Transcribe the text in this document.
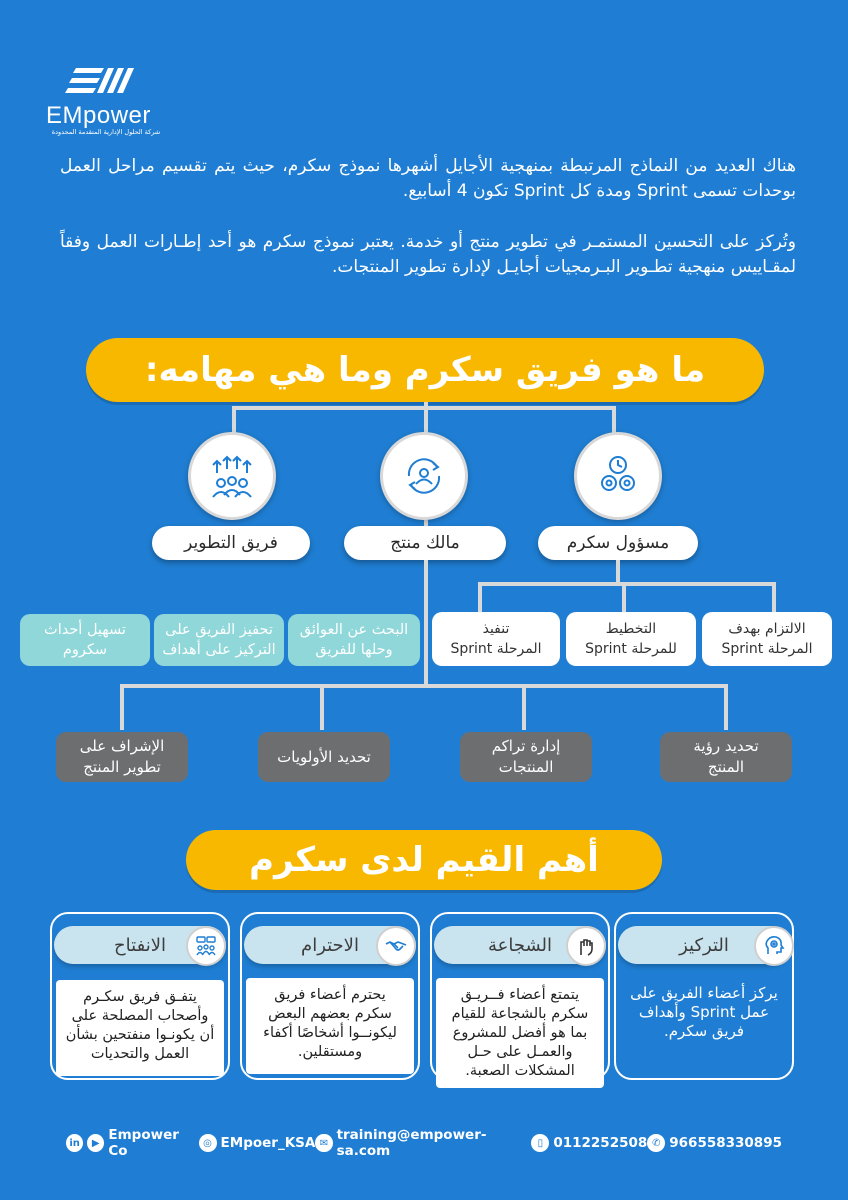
EMpower
شركة الحلول الإدارية المتقدمة المحدودة

هناك العديد من النماذج المرتبطة بمنهجية الأجايل أشهرها نموذج سكرم، حيث يتم تقسيم مراحل العمل بوحدات تسمى Sprint ومدة كل Sprint تكون 4 أسابيع.

وتُركز على التحسين المستمـر في تطوير منتج أو خدمة. يعتبر نموذج سكرم هو أحد إطـارات العمل وفقاً لمقـاييس منهجية تطـوير البـرمجيات أجايـل لإدارة تطوير المنتجات.

ما هو فريق سكرم وما هي مهامه:
فريق التطوير	مالك منتج	مسؤول سكرم
الالتزام بهدف
المرحلة Sprint
التخطيط
للمرحلة Sprint
تنفيذ
المرحلة Sprint
البحث عن العوائق
وحلها للفريق
تحفيز الفريق على
التركيز على أهداف
تسهيل أحداث
سكروم
تحديد رؤية
المنتج
إدارة تراكم
المنتجات
تحديد الأولويات
الإشراف على
تطوير المنتج
أهم القيم لدى سكرم
التركيز
يركز أعضاء الفريق على عمل Sprint وأهداف فريق سكرم.
الشجاعة
يتمتع أعضاء فــريـق سكرم بالشجاعة للقيام بما هو أفضل للمشروع والعمـل على حـل المشكلات الصعبة.
الاحترام
يحترم أعضاء فريق سكرم بعضهم البعض ليكونــوا أشخاصًا أكفاء ومستقلين.
الانفتاح
يتفـق فريق سكـرم وأصحاب المصلحة على أن يكونـوا منفتحين بشأن العمل والتحديات
✆ 966558330895
▯ 0112252508
✉ training@empower-sa.com
◎ EMpoer_KSA
in	▶ Empower Co
